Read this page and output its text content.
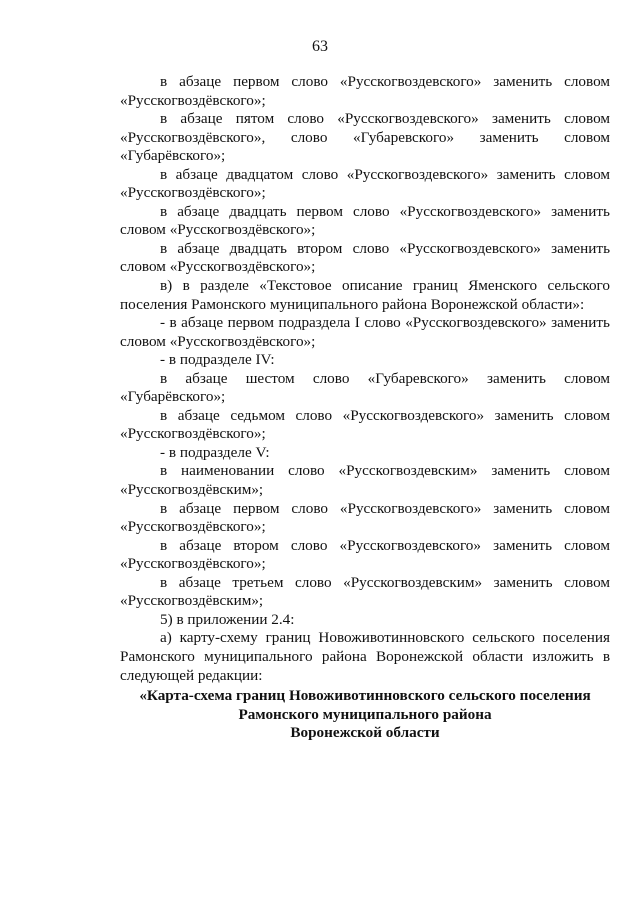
63

в абзаце первом слово «Русскогвоздевского» заменить словом «Русскогвоздёвского»;

в абзаце пятом слово «Русскогвоздевского» заменить словом «Русскогвоздёвского», слово «Губаревского» заменить словом «Губарёвского»;

в абзаце двадцатом слово «Русскогвоздевского» заменить словом «Русскогвоздёвского»;

в абзаце двадцать первом слово «Русскогвоздевского» заменить словом «Русскогвоздёвского»;

в абзаце двадцать втором слово «Русскогвоздевского» заменить словом «Русскогвоздёвского»;

в) в разделе «Текстовое описание границ Яменского сельского поселения Рамонского муниципального района Воронежской области»:

- в абзаце первом подраздела I слово «Русскогвоздевского» заменить словом «Русскогвоздёвского»;

- в подразделе IV:

в абзаце шестом слово «Губаревского» заменить словом «Губарёвского»;

в абзаце седьмом слово «Русскогвоздевского» заменить словом «Русскогвоздёвского»;

- в подразделе V:

в наименовании слово «Русскогвоздевским» заменить словом «Русскогвоздёвским»;

в абзаце первом слово «Русскогвоздевского» заменить словом «Русскогвоздёвского»;

в абзаце втором слово «Русскогвоздевского» заменить словом «Русскогвоздёвского»;

в абзаце третьем слово «Русскогвоздевским» заменить словом «Русскогвоздёвским»;

5) в приложении 2.4:

а) карту-схему границ Новоживотинновского сельского поселения Рамонского муниципального района Воронежской области изложить в следующей редакции:

«Карта-схема границ Новоживотинновского сельского поселения
Рамонского муниципального района
Воронежской области
